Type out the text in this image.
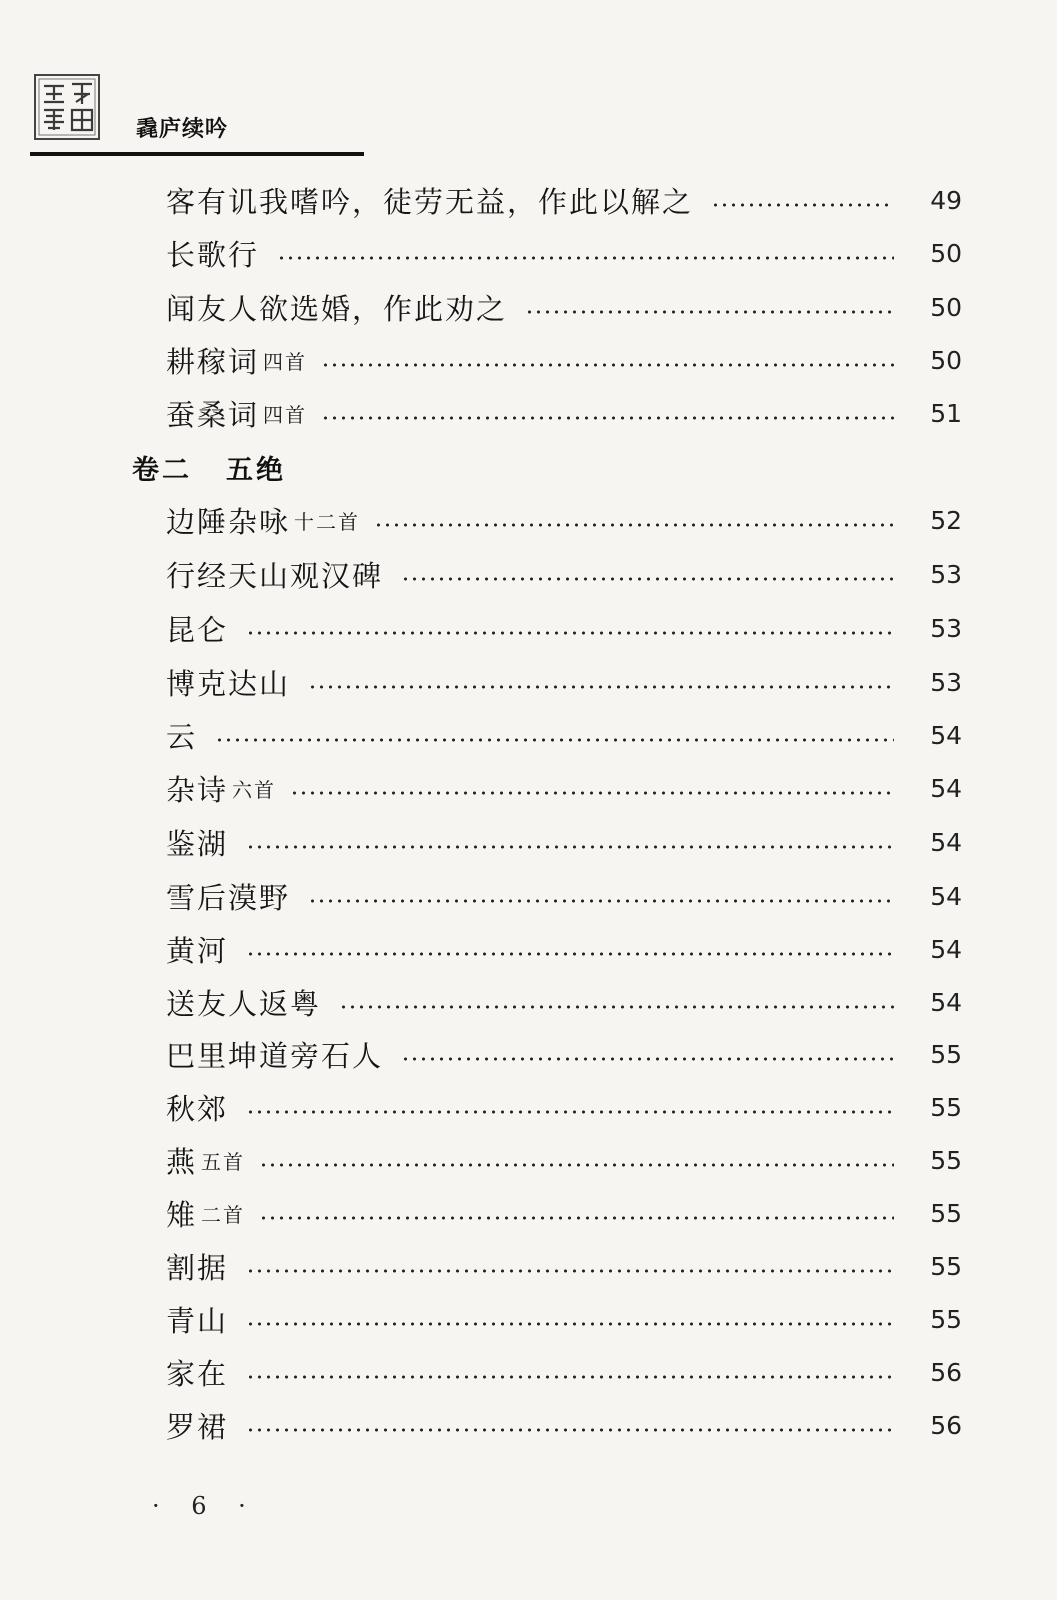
毳庐续吟
客有讥我嗜吟，徒劳无益，作此以解之	49
长歌行	50
闻友人欲选婚，作此劝之	50
耕稼词 四首	50
蚕桑词 四首	51
卷二 五绝
边陲杂咏 十二首	52
行经天山观汉碑	53
昆仑	53
博克达山	53
云	54
杂诗 六首	54
鉴湖	54
雪后漠野	54
黄河	54
送友人返粤	54
巴里坤道旁石人	55
秋郊	55
燕 五首	55
雉 二首	55
割据	55
青山	55
家在	56
罗裙	56
· 6 ·
